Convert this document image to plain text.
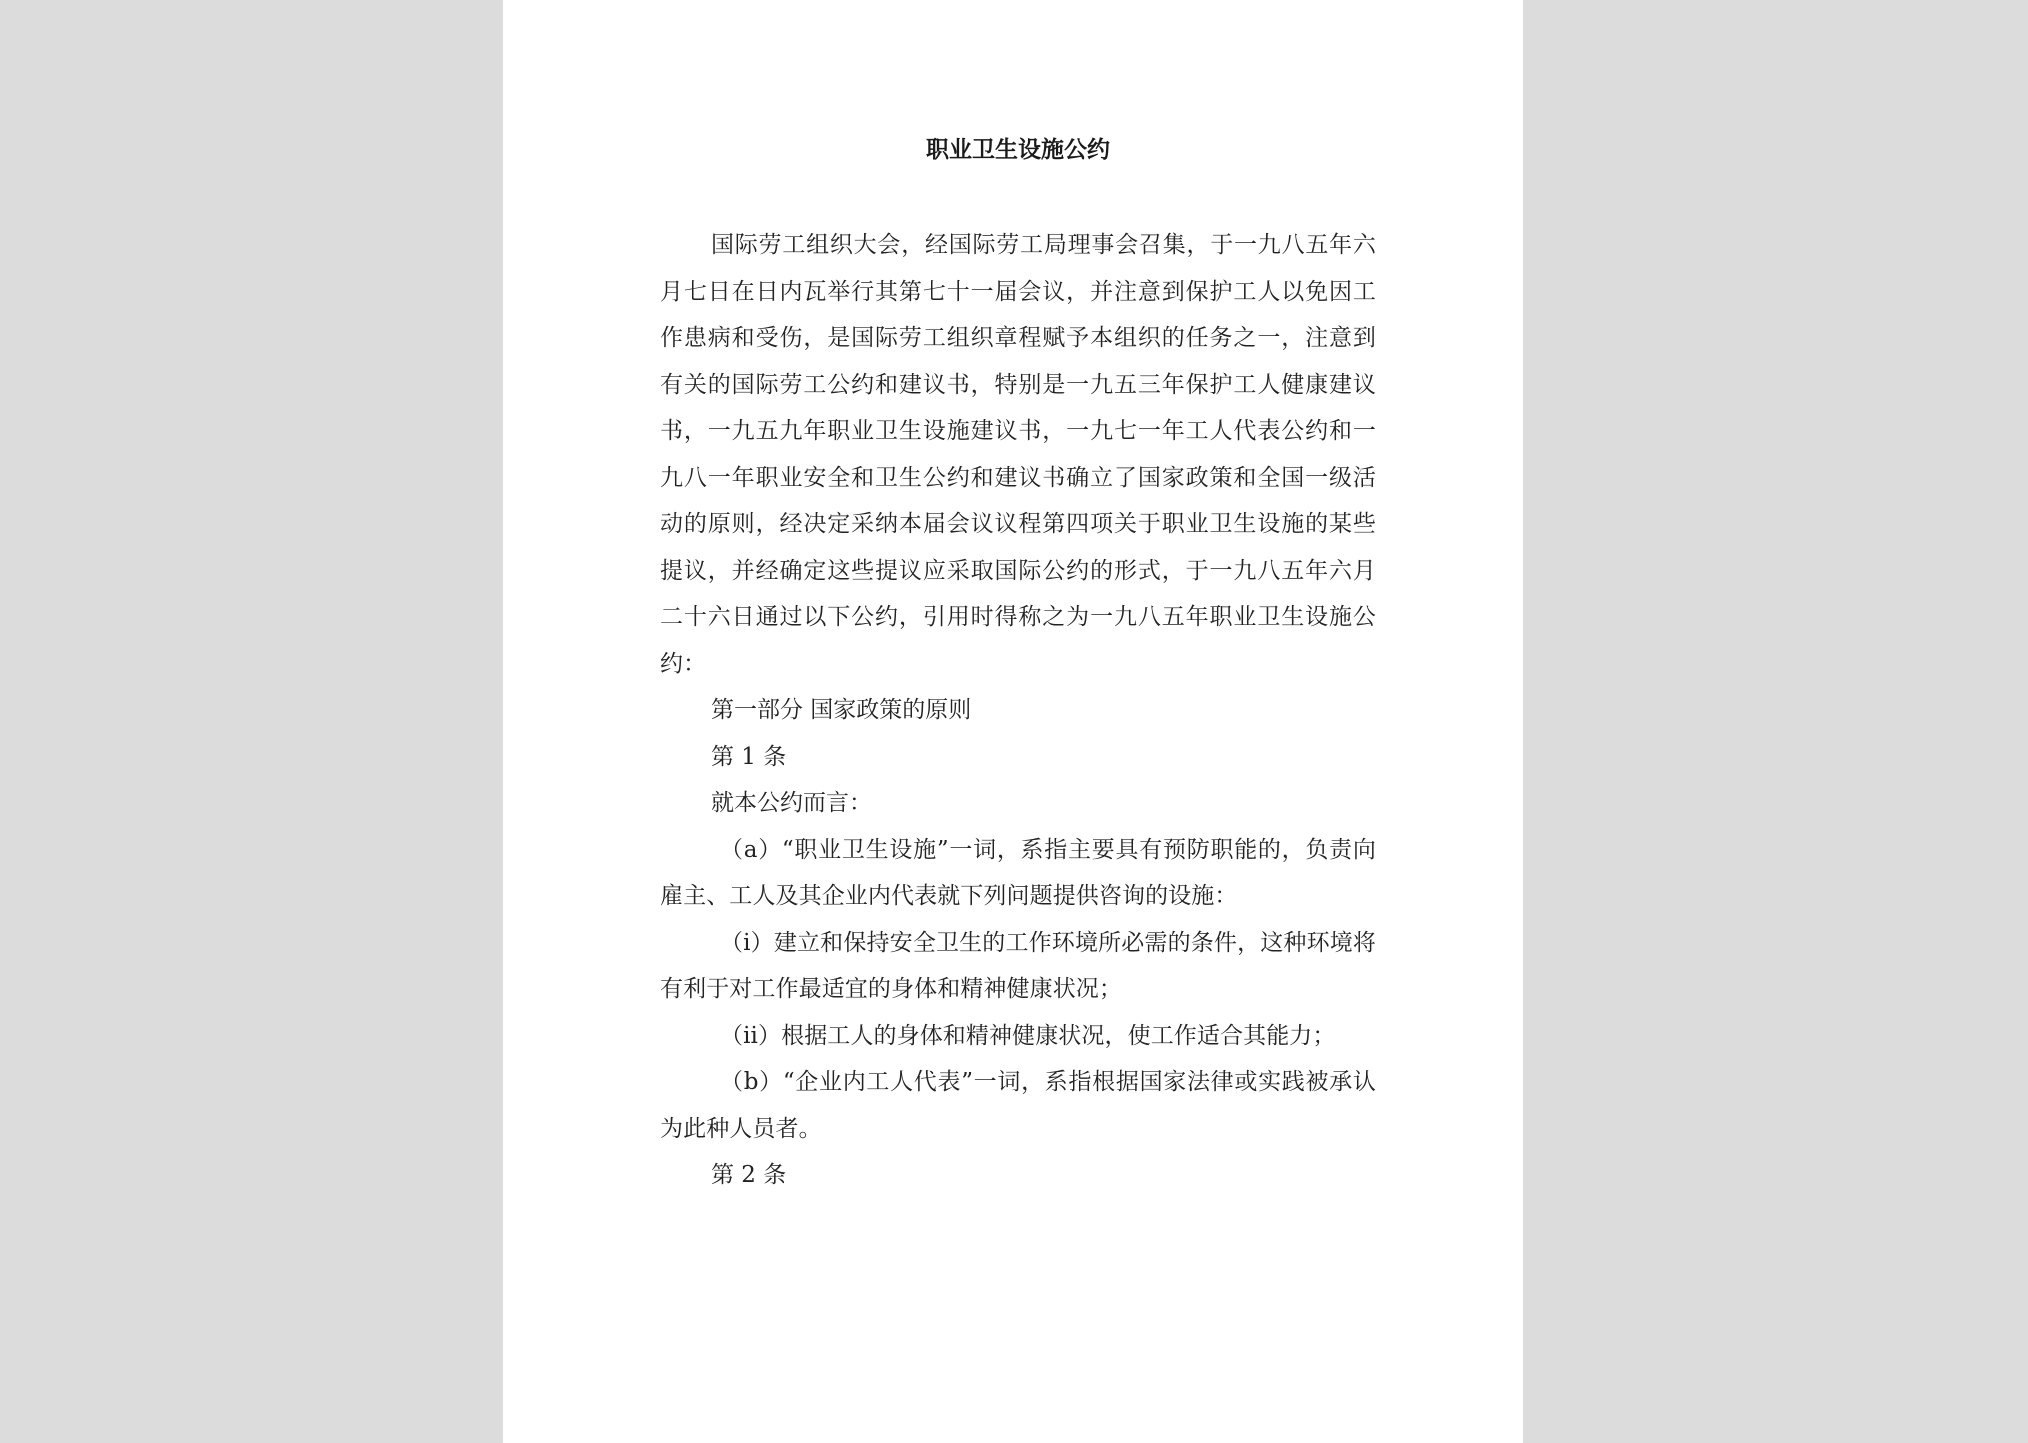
职业卫生设施公约

国际劳工组织大会，经国际劳工局理事会召集，于一九八五年六月七日在日内瓦举行其第七十一届会议，并注意到保护工人以免因工作患病和受伤，是国际劳工组织章程赋予本组织的任务之一，注意到有关的国际劳工公约和建议书，特别是一九五三年保护工人健康建议书，一九五九年职业卫生设施建议书，一九七一年工人代表公约和一九八一年职业安全和卫生公约和建议书确立了国家政策和全国一级活动的原则，经决定采纳本届会议议程第四项关于职业卫生设施的某些提议，并经确定这些提议应采取国际公约的形式，于一九八五年六月二十六日通过以下公约，引用时得称之为一九八五年职业卫生设施公约：

第一部分 国家政策的原则

第 1 条

就本公约而言：

（a）“职业卫生设施”一词，系指主要具有预防职能的，负责向雇主、工人及其企业内代表就下列问题提供咨询的设施：

（i）建立和保持安全卫生的工作环境所必需的条件，这种环境将有利于对工作最适宜的身体和精神健康状况；

（ii）根据工人的身体和精神健康状况，使工作适合其能力；

（b）“企业内工人代表”一词，系指根据国家法律或实践被承认为此种人员者。

第 2 条
